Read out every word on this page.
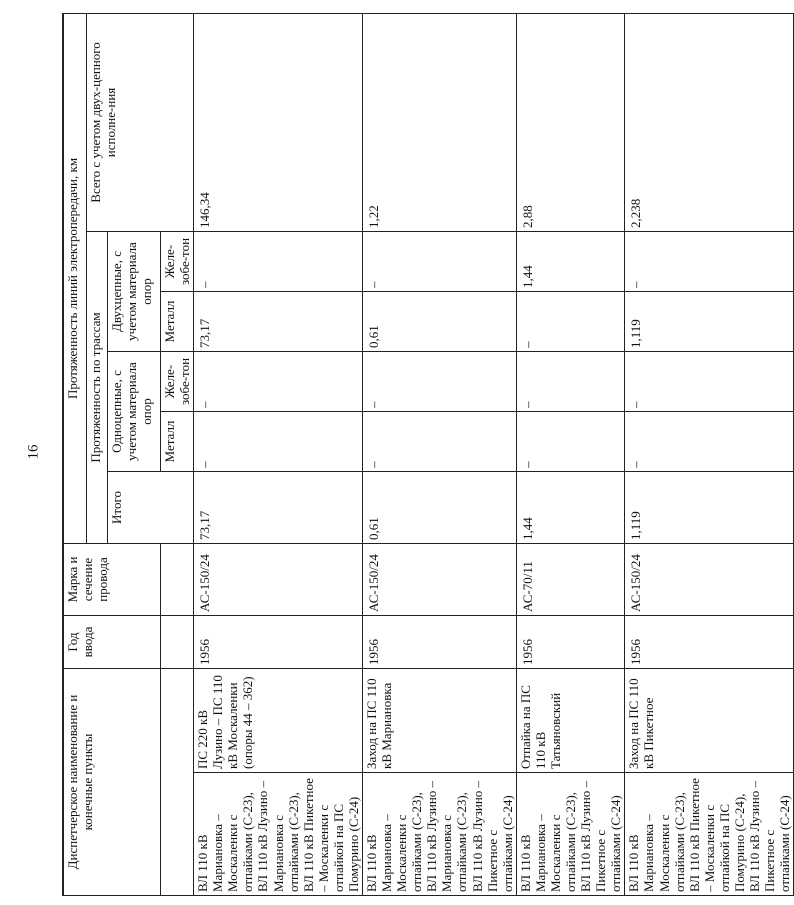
16
Диспетчерское наименование и конечные пункты		Год ввода	Марка и сечение провода	Протяженность линий электропередачи, км					
				Протяженность по трассам					Всего с учетом двух-цепного исполне-ния
				Итого	Одноцепные, с учетом материала опор		Двухцепные, с учетом материала опор		
					Металл	Желе-зобе-тон	Металл	Желе-зобе-тон	
ВЛ 110 кВ Мариановка – Москаленки с отпайками (С-23), ВЛ 110 кВ Лузино – Мариановка с отпайками (С-23), ВЛ 110 кВ Пикетное – Москаленки с отпайкой на ПС Помурино (С-24)	ПС 220 кВ Лузино – ПС 110 кВ Москаленки (опоры 44 – 362)	1956	АС-150/24	73,17	–	–	73,17	–	146,34
ВЛ 110 кВ Мариановка – Москаленки с отпайками (С-23), ВЛ 110 кВ Лузино – Мариановка с отпайками (С-23), ВЛ 110 кВ Лузино – Пикетное с отпайками (С-24)	Заход на ПС 110 кВ Мариановка	1956	АС-150/24	0,61	–	–	0,61	–	1,22
ВЛ 110 кВ Мариановка – Москаленки с отпайками (С-23), ВЛ 110 кВ Лузино – Пикетное с отпайками (С-24)	Отпайка на ПС 110 кВ Татьяновский	1956	АС-70/11	1,44	–	–	–	1,44	2,88
ВЛ 110 кВ Мариановка – Москаленки с отпайками (С-23), ВЛ 110 кВ Пикетное – Москаленки с отпайкой на ПС Помурино (С-24), ВЛ 110 кВ Лузино – Пикетное с отпайками (С-24)	Заход на ПС 110 кВ Пикетное	1956	АС-150/24	1,119	–	–	1,119	–	2,238
